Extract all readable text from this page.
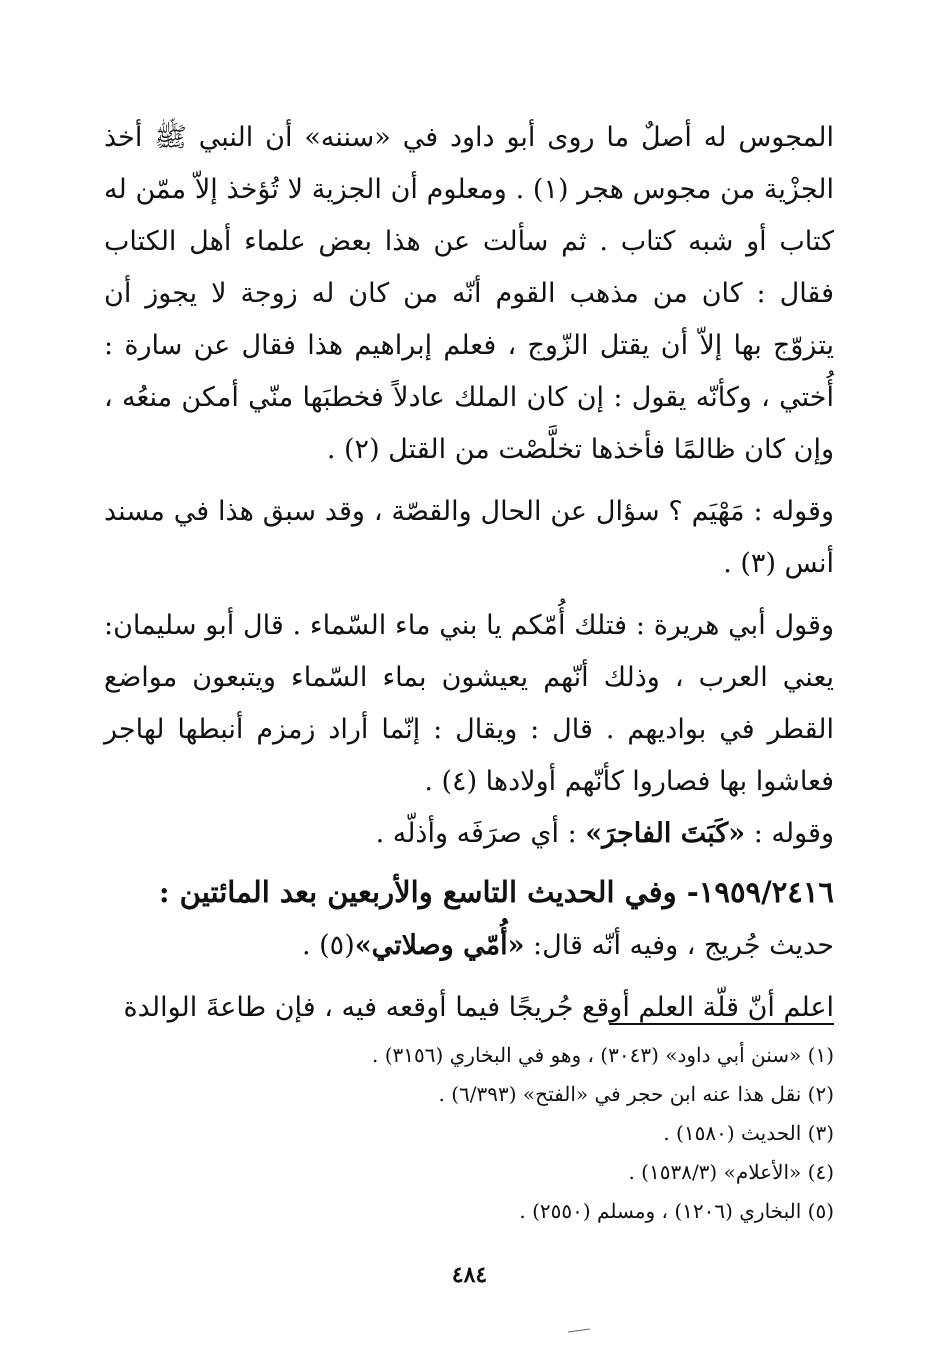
المجوس له أصلٌ ما روى أبو داود في «سننه» أن النبي ﷺ أخذ الجزْية من مجوس هجر (١) . ومعلوم أن الجزية لا تُؤخذ إلاّ ممّن له كتاب أو شبه كتاب . ثم سألت عن هذا بعض علماء أهل الكتاب فقال : كان من مذهب القوم أنّه من كان له زوجة لا يجوز أن يتزوّج بها إلاّ أن يقتل الزّوج ، فعلم إبراهيم هذا فقال عن سارة : أُختي ، وكأنّه يقول : إن كان الملك عادلاً فخطبَها منّي أمكن منعُه ، وإن كان ظالمًا فأخذها تخلَّصْت من القتل (٢) .

وقوله : مَهْيَم ؟ سؤال عن الحال والقصّة ، وقد سبق هذا في مسند أنس (٣) .

وقول أبي هريرة : فتلك أُمّكم يا بني ماء السّماء . قال أبو سليمان: يعني العرب ، وذلك أنّهم يعيشون بماء السّماء ويتبعون مواضع القطر في بواديهم . قال : ويقال : إنّما أراد زمزم أنبطها لهاجر فعاشوا بها فصاروا كأنّهم أولادها (٤) .

وقوله : «كَبَتَ الفاجرَ» : أي صرَفَه وأذلّه .

١٩٥٩/٢٤١٦- وفي الحديث التاسع والأربعين بعد المائتين :

حديث جُريج ، وفيه أنّه قال: «أُمّي وصلاتي»(٥) .

اعلم أنّ قلّة العلم أوقع جُريجًا فيما أوقعه فيه ، فإن طاعةَ الوالدة

(١) «سنن أبي داود» (٣٠٤٣) ، وهو في البخاري (٣١٥٦) .

(٢) نقل هذا عنه ابن حجر في «الفتح» (٦/٣٩٣) .

(٣) الحديث (١٥٨٠) .

(٤) «الأعلام» (١٥٣٨/٣) .

(٥) البخاري (١٢٠٦) ، ومسلم (٢٥٥٠) .

٤٨٤
